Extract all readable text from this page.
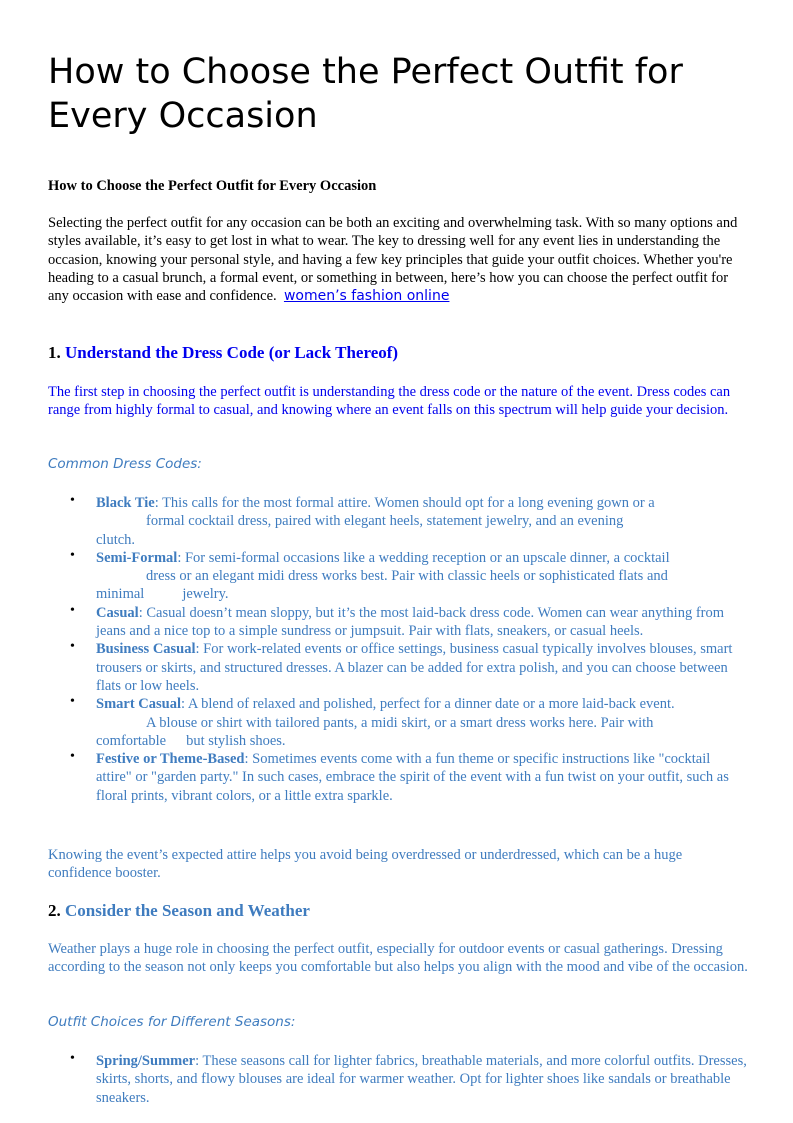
How to Choose the Perfect Outfit for Every Occasion

How to Choose the Perfect Outfit for Every Occasion

Selecting the perfect outfit for any occasion can be both an exciting and overwhelming task. With so many options and styles available, it’s easy to get lost in what to wear. The key to dressing well for any event lies in understanding the occasion, knowing your personal style, and having a few key principles that guide your outfit choices. Whether you're heading to a casual brunch, a formal event, or something in between, here’s how you can choose the perfect outfit for any occasion with ease and confidence. women’s fashion online

1. Understand the Dress Code (or Lack Thereof)

The first step in choosing the perfect outfit is understanding the dress code or the nature of the event. Dress codes can range from highly formal to casual, and knowing where an event falls on this spectrum will help guide your decision.

Common Dress Codes:

• Black Tie: This calls for the most formal attire. Women should opt for a long evening gown or a
formal cocktail dress, paired with elegant heels, statement jewelry, and an evening
clutch.
• Semi-Formal: For semi-formal occasions like a wedding reception or an upscale dinner, a cocktail
dress or an elegant midi dress works best. Pair with classic heels or sophisticated flats and
minimal	jewelry.
• Casual: Casual doesn’t mean sloppy, but it’s the most laid-back dress code. Women can wear anything from jeans and a nice top to a simple sundress or jumpsuit. Pair with flats, sneakers, or casual heels.
• Business Casual: For work-related events or office settings, business casual typically involves blouses, smart trousers or skirts, and structured dresses. A blazer can be added for extra polish, and you can choose between flats or low heels.
• Smart Casual: A blend of relaxed and polished, perfect for a dinner date or a more laid-back event.
A blouse or shirt with tailored pants, a midi skirt, or a smart dress works here. Pair with
comfortable but stylish shoes.
• Festive or Theme-Based: Sometimes events come with a fun theme or specific instructions like "cocktail attire" or "garden party." In such cases, embrace the spirit of the event with a fun twist on your outfit, such as floral prints, vibrant colors, or a little extra sparkle.

Knowing the event’s expected attire helps you avoid being overdressed or underdressed, which can be a huge confidence booster.

2. Consider the Season and Weather

Weather plays a huge role in choosing the perfect outfit, especially for outdoor events or casual gatherings. Dressing according to the season not only keeps you comfortable but also helps you align with the mood and vibe of the occasion.

Outfit Choices for Different Seasons:

• Spring/Summer: These seasons call for lighter fabrics, breathable materials, and more colorful outfits. Dresses, skirts, shorts, and flowy blouses are ideal for warmer weather. Opt for lighter shoes like sandals or breathable sneakers.
